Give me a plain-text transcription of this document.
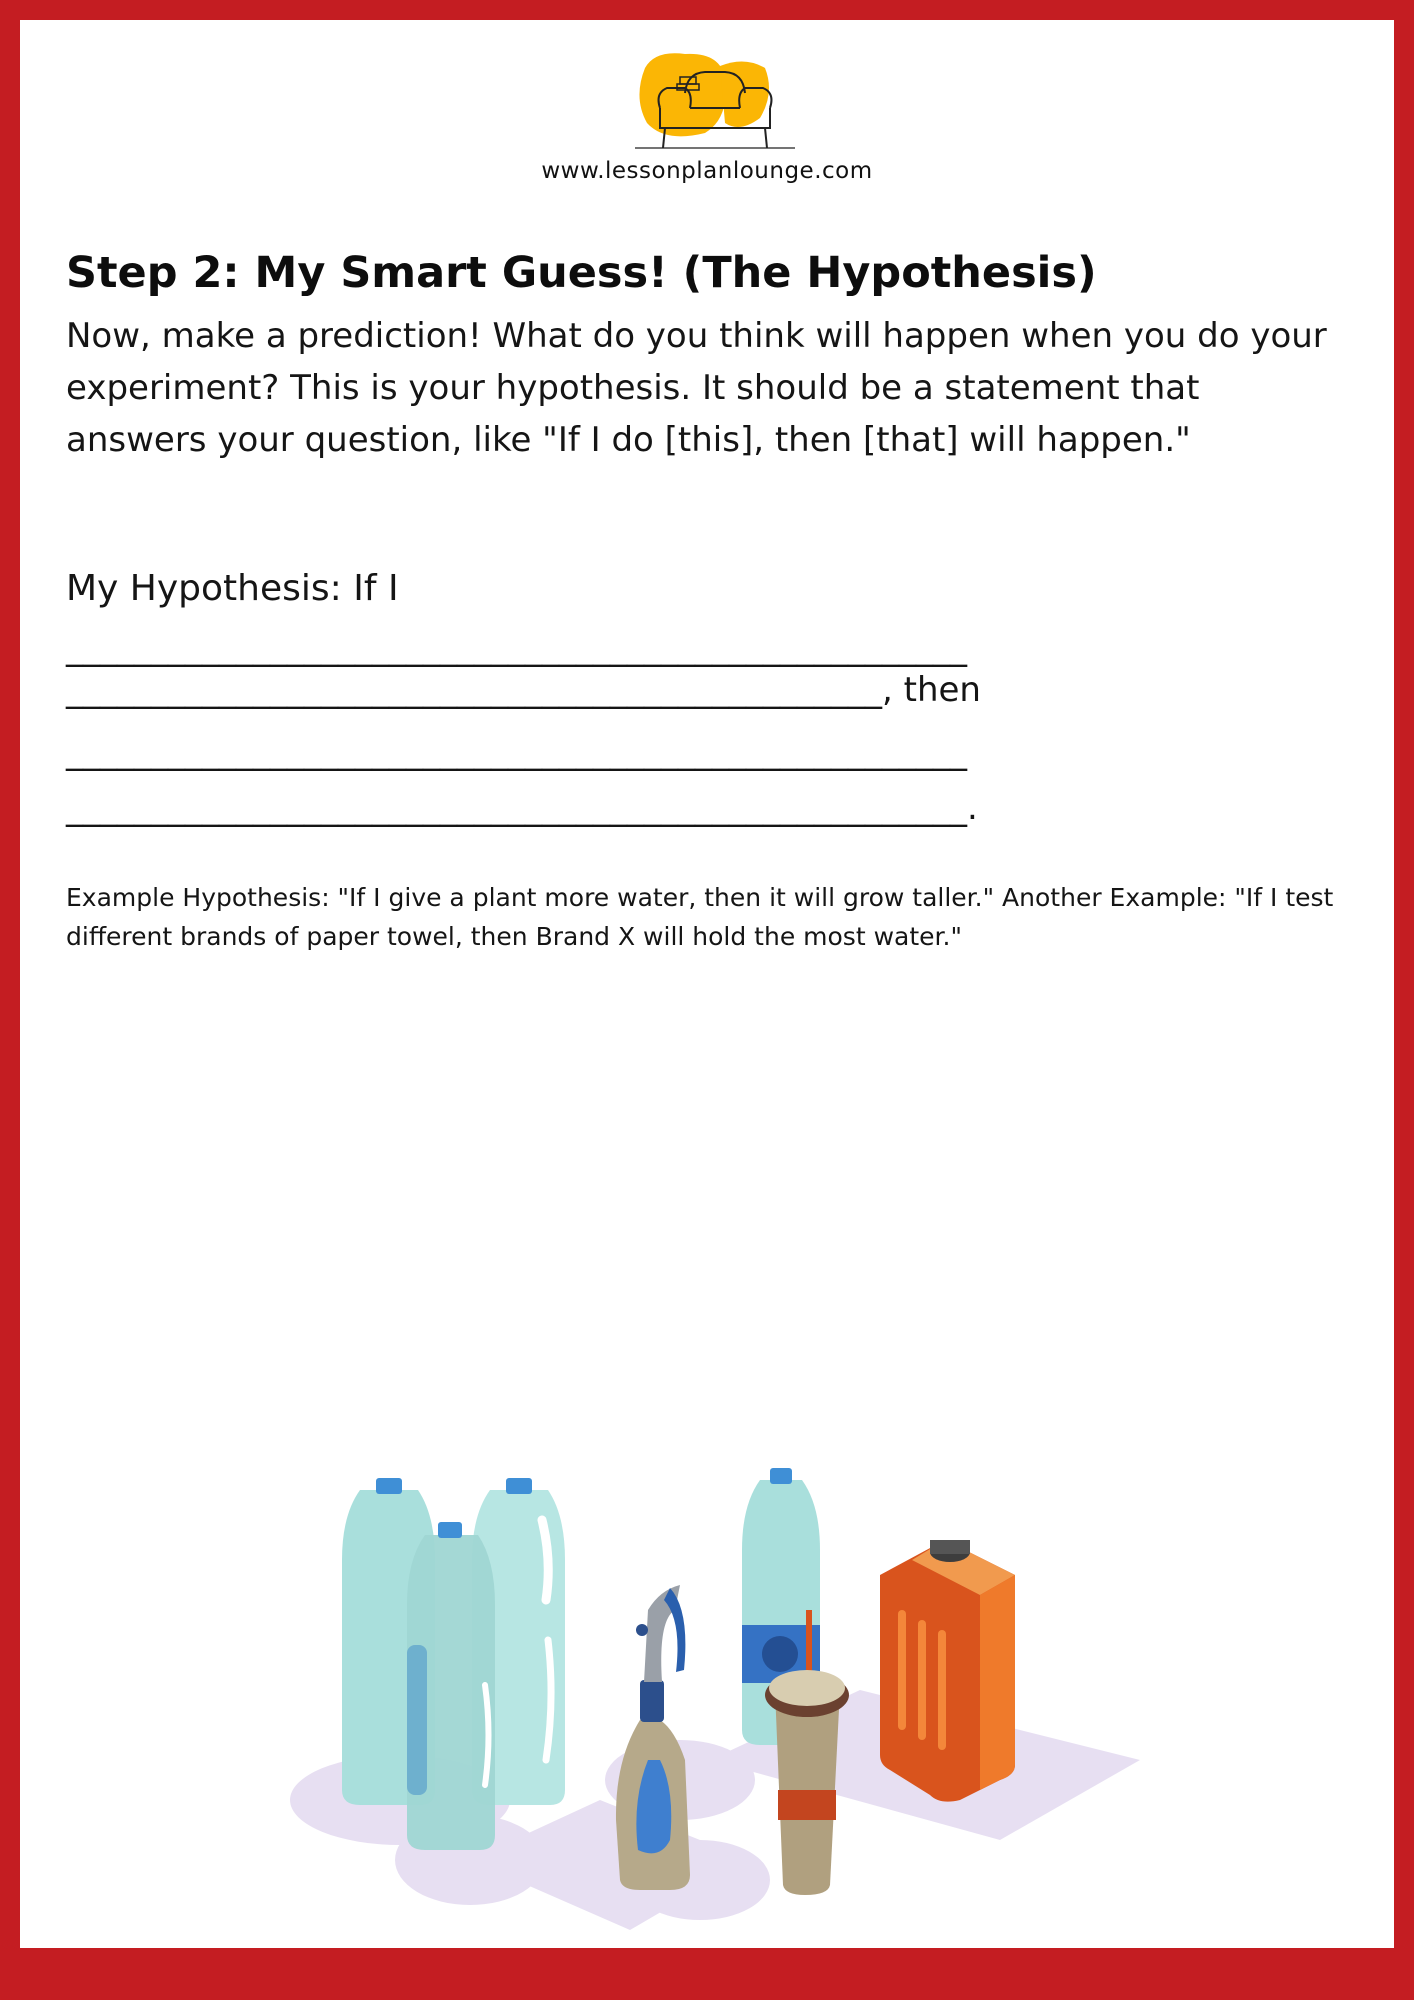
www.lessonplanlounge.com
Step 2: My Smart Guess! (The Hypothesis)

Now, make a prediction! What do you think will happen when you do your experiment? This is your hypothesis. It should be a statement that answers your question, like "If I do [this], then [that] will happen."

My Hypothesis: If I
_____________________________________________________
________________________________________________, then
_____________________________________________________
_____________________________________________________.

Example Hypothesis: "If I give a plant more water, then it will grow taller." Another Example: "If I test different brands of paper towel, then Brand X will hold the most water."
